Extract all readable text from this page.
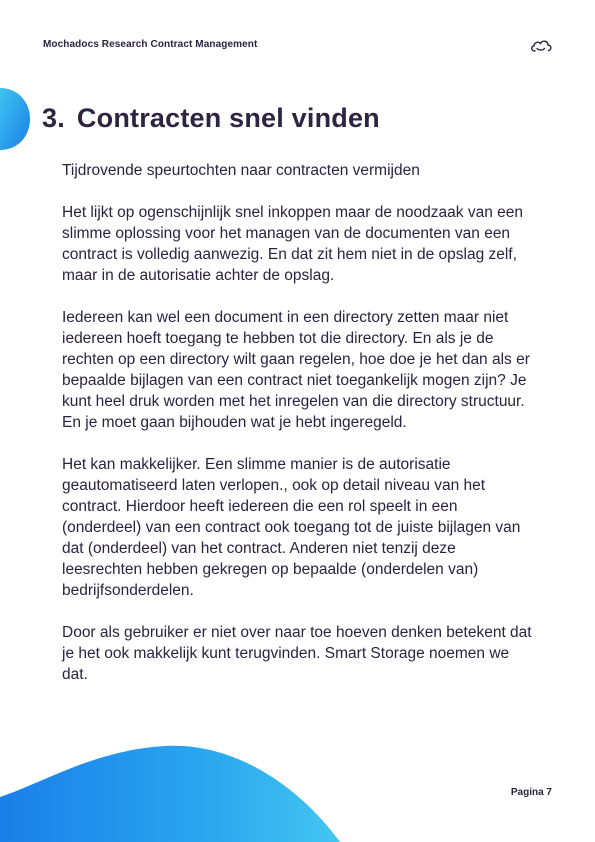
Mochadocs Research Contract Management
3. Contracten snel vinden

Tijdrovende speurtochten naar contracten vermijden

Het lijkt op ogenschijnlijk snel inkoppen maar de noodzaak van een slimme oplossing voor het managen van de documenten van een contract is volledig aanwezig. En dat zit hem niet in de opslag zelf, maar in de autorisatie achter de opslag.

Iedereen kan wel een document in een directory zetten maar niet iedereen hoeft toegang te hebben tot die directory. En als je de rechten op een directory wilt gaan regelen, hoe doe je het dan als er bepaalde bijlagen van een contract niet toegankelijk mogen zijn? Je kunt heel druk worden met het inregelen van die directory structuur. En je moet gaan bijhouden wat je hebt ingeregeld.

Het kan makkelijker. Een slimme manier is de autorisatie geautomatiseerd laten verlopen., ook op detail niveau van het contract. Hierdoor heeft iedereen die een rol speelt in een (onderdeel) van een contract ook toegang tot de juiste bijlagen van dat (onderdeel) van het contract. Anderen niet tenzij deze leesrechten hebben gekregen op bepaalde (onderdelen van) bedrijfsonderdelen.

Door als gebruiker er niet over naar toe hoeven denken betekent dat je het ook makkelijk kunt terugvinden. Smart Storage noemen we dat.

Pagina 7
